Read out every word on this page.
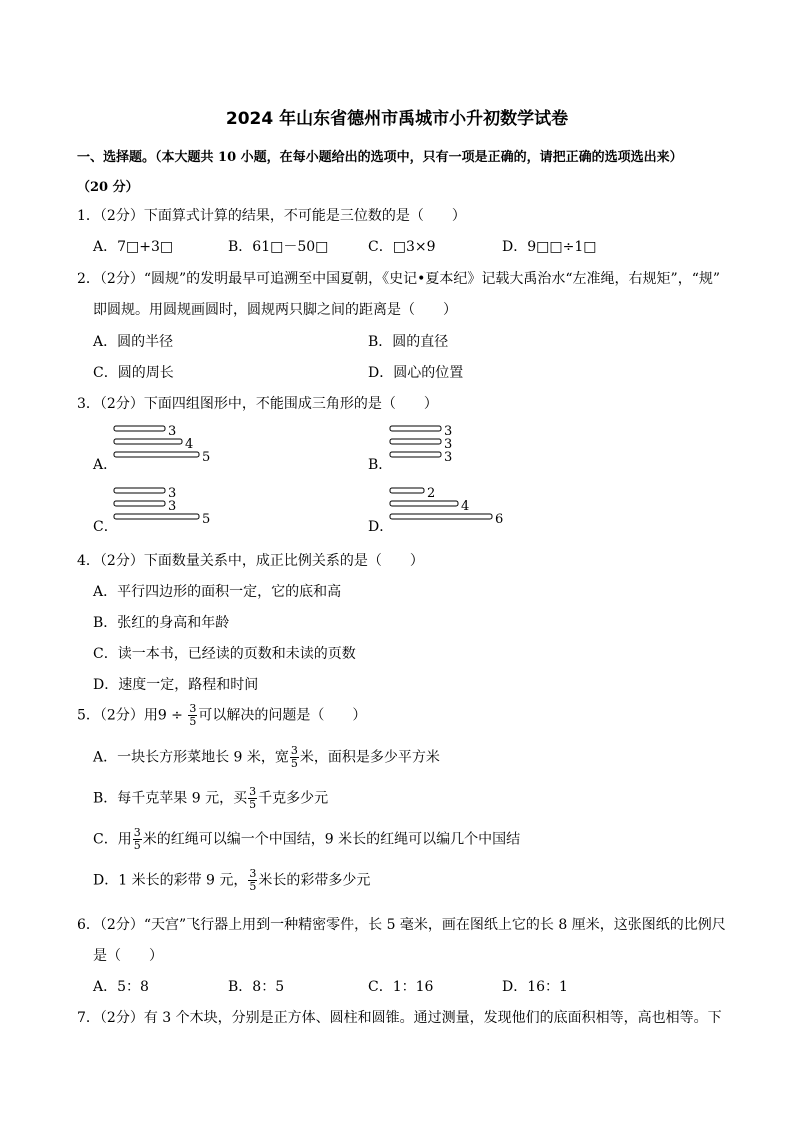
2024 年山东省德州市禹城市小升初数学试卷
一、选择题。（本大题共 10 小题，在每小题给出的选项中，只有一项是正确的，请把正确的选项选出来）
（20 分）
1．（2分）下面算式计算的结果，不可能是三位数的是（　　）
A．7□+3□	B．61□－50□	C．□3×9	D．9□□÷1□
2．（2分）“圆规”的发明最早可追溯至中国夏朝，《史记•夏本纪》记载大禹治水“左准绳，右规矩”，“规”
即圆规。用圆规画圆时，圆规两只脚之间的距离是（　　）
A．圆的半径	B．圆的直径
C．圆的周长	D．圆心的位置
3．（2分）下面四组图形中，不能围成三角形的是（　　）
A．	B．
C．	D．
3
4
5
3
3
3
3
3
5
2
4
6
4．（2分）下面数量关系中，成正比例关系的是（　　）
A．平行四边形的面积一定，它的底和高
B．张红的身高和年龄
C．读一本书，已经读的页数和未读的页数
D．速度一定，路程和时间
5．（2分）用$9 \div \frac{3}{5}$ 可以解决的问题是（　　）
A．一块长方形菜地长 9 米，宽 $\frac{3}{5}$ 米，面积是多少平方米
B．每千克苹果 9 元，买 $\frac{3}{5}$ 千克多少元
C．用 $\frac{3}{5}$ 米的红绳可以编一个中国结，9 米长的红绳可以编几个中国结
D．1 米长的彩带 9 元， $\frac{3}{5}$ 米长的彩带多少元
6．（2分）“天宫”飞行器上用到一种精密零件，长 5 毫米，画在图纸上它的长 8 厘米，这张图纸的比例尺
是（　　）
A．5：8	B．8：5	C．1：16	D．16：1
7．（2分）有 3 个木块，分别是正方体、圆柱和圆锥。通过测量，发现他们的底面积相等，高也相等。下
